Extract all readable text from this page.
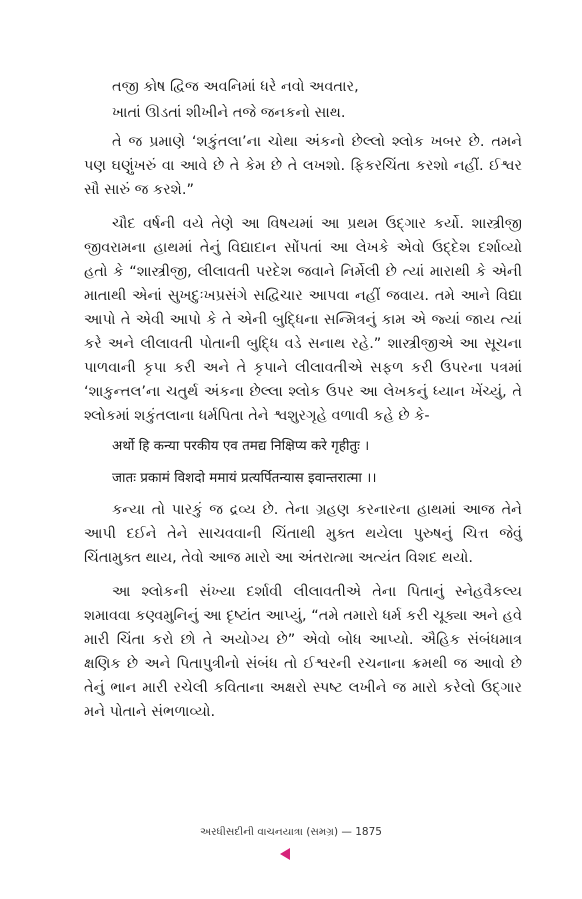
તજી કોષ દ્વિજ અવનિમાં ધરે નવો અવતાર,
ખાતાં ઊડતાં શીખીને તજે જનકનો સાથ.

તે જ પ્રમાણે ‘શકુંતલા’ના ચોથા અંકનો છેલ્લો શ્લોક ખબર છે. તમને પણ ઘણુંખરું વા આવે છે તે કેમ છે તે લખશો. ફિકરચિંતા કરશો નહીં. ઈશ્વર સૌ સારું જ કરશે.”

ચૌદ વર્ષની વયે તેણે આ વિષયમાં આ પ્રથમ ઉદ્ગાર કર્યો. શાસ્ત્રીજી જીવરામના હાથમાં તેનું વિદ્યાદાન સોંપતાં આ લેખકે એવો ઉદ્દેશ દર્શાવ્યો હતો કે “શાસ્ત્રીજી, લીલાવતી પરદેશ જવાને નિર્મેલી છે ત્યાં મારાથી કે એની માતાથી એનાં સુખદુઃખપ્રસંગે સદ્વિચાર આપવા નહીં જવાય. તમે આને વિદ્યા આપો તે એવી આપો કે તે એની બુદ્ધિના સન્મિત્રનું કામ એ જ્યાં જાય ત્યાં કરે અને લીલાવતી પોતાની બુદ્ધિ વડે સનાથ રહે.” શાસ્ત્રીજીએ આ સૂચના પાળવાની કૃપા કરી અને તે કૃપાને લીલાવતીએ સફળ કરી ઉપરના પત્રમાં ‘શાકુન્તલ’ના ચતુર્થ અંકના છેલ્લા શ્લોક ઉપર આ લેખકનું ધ્યાન ખેંચ્યું, તે શ્લોકમાં શકુંતલાના ધર્મપિતા તેને શ્વશુરગૃહે વળાવી કહે છે કે-

अर्थो हि कन्या परकीय एव तमद्य निक्षिप्य करे गृहीतुः ।

जातः प्रकामं विशदो ममायं प्रत्यर्पितन्यास इवान्तरात्मा ।।

કન્યા તો પારકું જ દ્રવ્ય છે. તેના ગ્રહણ કરનારના હાથમાં આજ તેને આપી દઈને તેને સાચવવાની ચિંતાથી મુક્ત થયેલા પુરુષનું ચિત્ત જેવું ચિંતામુક્ત થાય, તેવો આજ મારો આ અંતરાત્મા અત્યંત વિશદ થયો.

આ શ્લોકની સંખ્યા દર્શાવી લીલાવતીએ તેના પિતાનું સ્નેહવૈકલ્ય શમાવવા કણ્વમુનિનું આ દૃષ્ટાંત આપ્યું, “તમે તમારો ધર્મ કરી ચૂક્યા અને હવે મારી ચિંતા કરો છો તે અયોગ્ય છે” એવો બોધ આપ્યો. ઐહિક સંબંધમાત્ર ક્ષણિક છે અને પિતાપુત્રીનો સંબંધ તો ઈશ્વરની રચનાના ક્રમથી જ આવો છે તેનું ભાન મારી રચેલી કવિતાના અક્ષરો સ્પષ્ટ લખીને જ મારો કરેલો ઉદ્ગાર મને પોતાને સંભળાવ્યો.

અરધીસદીની વાચનયાત્રા (સમગ્ર) — 1875
